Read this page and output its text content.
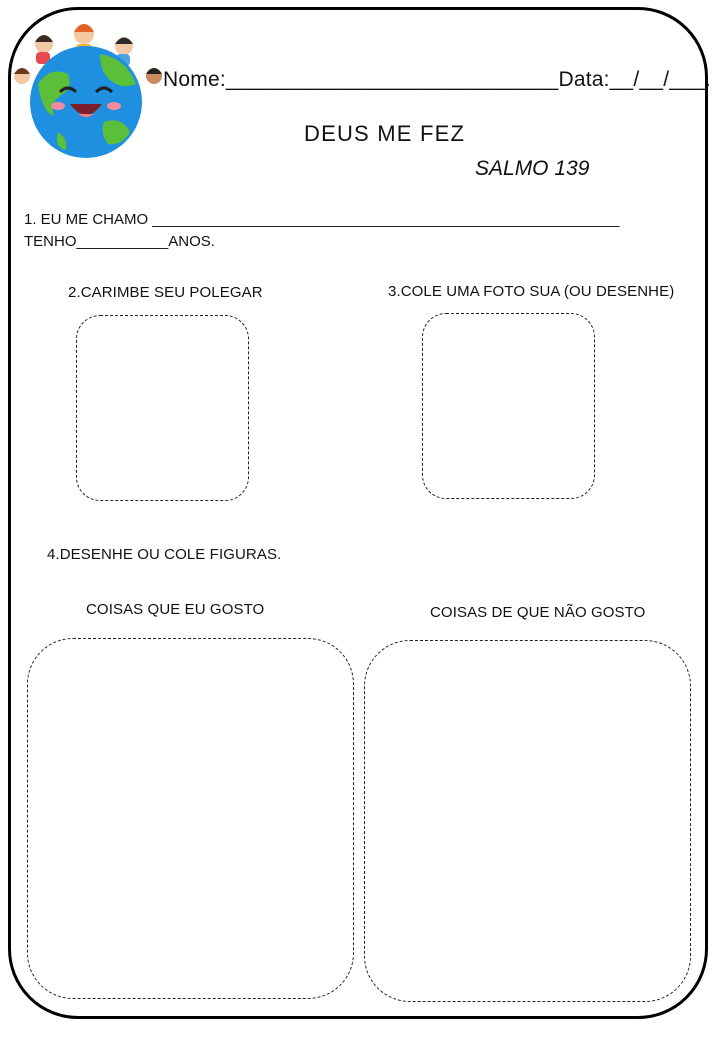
Nome:____________________________Data:__/__/___.
DEUS ME FEZ
SALMO 139
1. EU ME CHAMO ________________________________________________________
TENHO___________ANOS.
2.CARIMBE SEU POLEGAR	3.COLE UMA FOTO SUA (OU DESENHE)
4.DESENHE OU COLE FIGURAS.
COISAS QUE EU GOSTO	COISAS DE QUE NÃO GOSTO
